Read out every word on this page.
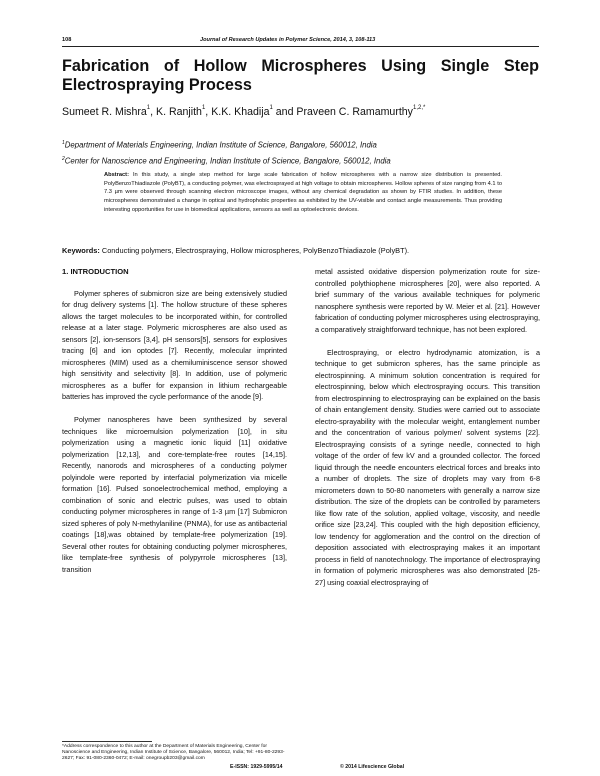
108	Journal of Research Updates in Polymer Science, 2014, 3, 108-113
Fabrication of Hollow Microspheres Using Single Step
Electrospraying Process
Sumeet R. Mishra$^1$, K. Ranjith$^1$, K.K. Khadija$^1$ and Praveen C. Ramamurthy$^{1,2,*}$
$^1$Department of Materials Engineering, Indian Institute of Science, Bangalore, 560012, India
$^2$Center for Nanoscience and Engineering, Indian Institute of Science, Bangalore, 560012, India
Abstract: In this study, a single step method for large scale fabrication of hollow microspheres with a narrow size distribution is presented. PolyBenzoThiadiazole (PolyBT), a conducting polymer, was electrosprayed at high voltage to obtain microspheres. Hollow spheres of size ranging from 4.1 to 7.3 µm were observed through scanning electron microscope images, without any chemical degradation as shown by FTIR studies. In addition, these microspheres demonstrated a change in optical and hydrophobic properties as exhibited by the UV-visible and contact angle measurements. Thus providing interesting opportunities for use in biomedical applications, sensors as well as optoelectronic devices.
Keywords: Conducting polymers, Electrospraying, Hollow microspheres, PolyBenzoThiadiazole (PolyBT).
1. INTRODUCTION

Polymer spheres of submicron size are being extensively studied for drug delivery systems [1]. The hollow structure of these spheres allows the target molecules to be incorporated within, for controlled release at a later stage. Polymeric microspheres are also used as sensors [2], ion-sensors [3,4], pH sensors[5], sensors for explosives tracing [6] and ion optodes [7]. Recently, molecular imprinted microspheres (MIM) used as a chemiluminiscence sensor showed high sensitivity and selectivity [8]. In addition, use of polymeric microspheres as a buffer for expansion in lithium rechargeable batteries has improved the cycle performance of the anode [9].

Polymer nanospheres have been synthesized by several techniques like microemulsion polymerization [10], in situ polymerization using a magnetic ionic liquid [11] oxidative polymerization [12,13], and core-template-free routes [14,15]. Recently, nanorods and microspheres of a conducting polymer polyindole were reported by interfacial polymerization via micelle formation [16]. Pulsed sonoelectrochemical method, employing a combination of sonic and electric pulses, was used to obtain conducting polymer microspheres in range of 1-3 µm [17] Submicron sized spheres of poly N-methylaniline (PNMA), for use as antibacterial coatings [18],was obtained by template-free polymerization [19]. Several other routes for obtaining conducting polymer microspheres, like template-free synthesis of polypyrrole microspheres [13], transition

metal assisted oxidative dispersion polymerization route for size-controlled polythiophene microspheres [20], were also reported. A brief summary of the various available techniques for polymeric nanosphere synthesis were reported by W. Meier et al. [21]. However fabrication of conducting polymer microspheres using electrospraying, a comparatively straightforward technique, has not been explored.

Electrospraying, or electro hydrodynamic atomization, is a technique to get submicron spheres, has the same principle as electrospinning. A minimum solution concentration is required for electrospinning, below which electrospraying occurs. This transition from electrospinning to electrospraying can be explained on the basis of chain entanglement density. Studies were carried out to associate electro-sprayability with the molecular weight, entanglement number and the concentration of various polymer/ solvent systems [22]. Electrospraying consists of a syringe needle, connected to high voltage of the order of few kV and a grounded collector. The forced liquid through the needle encounters electrical forces and breaks into a number of droplets. The size of droplets may vary from 6-8 micrometers down to 50-80 nanometers with generally a narrow size distribution. The size of the droplets can be controlled by parameters like flow rate of the solution, applied voltage, viscosity, and needle orifice size [23,24]. This coupled with the high deposition efficiency, low tendency for agglomeration and the control on the direction of deposition associated with electrospraying makes it an important process in field of nanotechnology. The importance of electrospraying in formation of polymeric microspheres was also demonstrated [25-27] using coaxial electrospraying of

*Address correspondence to this author at the Department of Materials Engineering, Center for Nanoscience and Engineering, Indian Institute of Science, Bangalore, 560012, India; Tel: +91-80-2293-2627; Fax: 91-080-2360-0472; E-mail: onegroupb203@gmail.com
E-ISSN: 1929-5995/14	© 2014 Lifescience Global
